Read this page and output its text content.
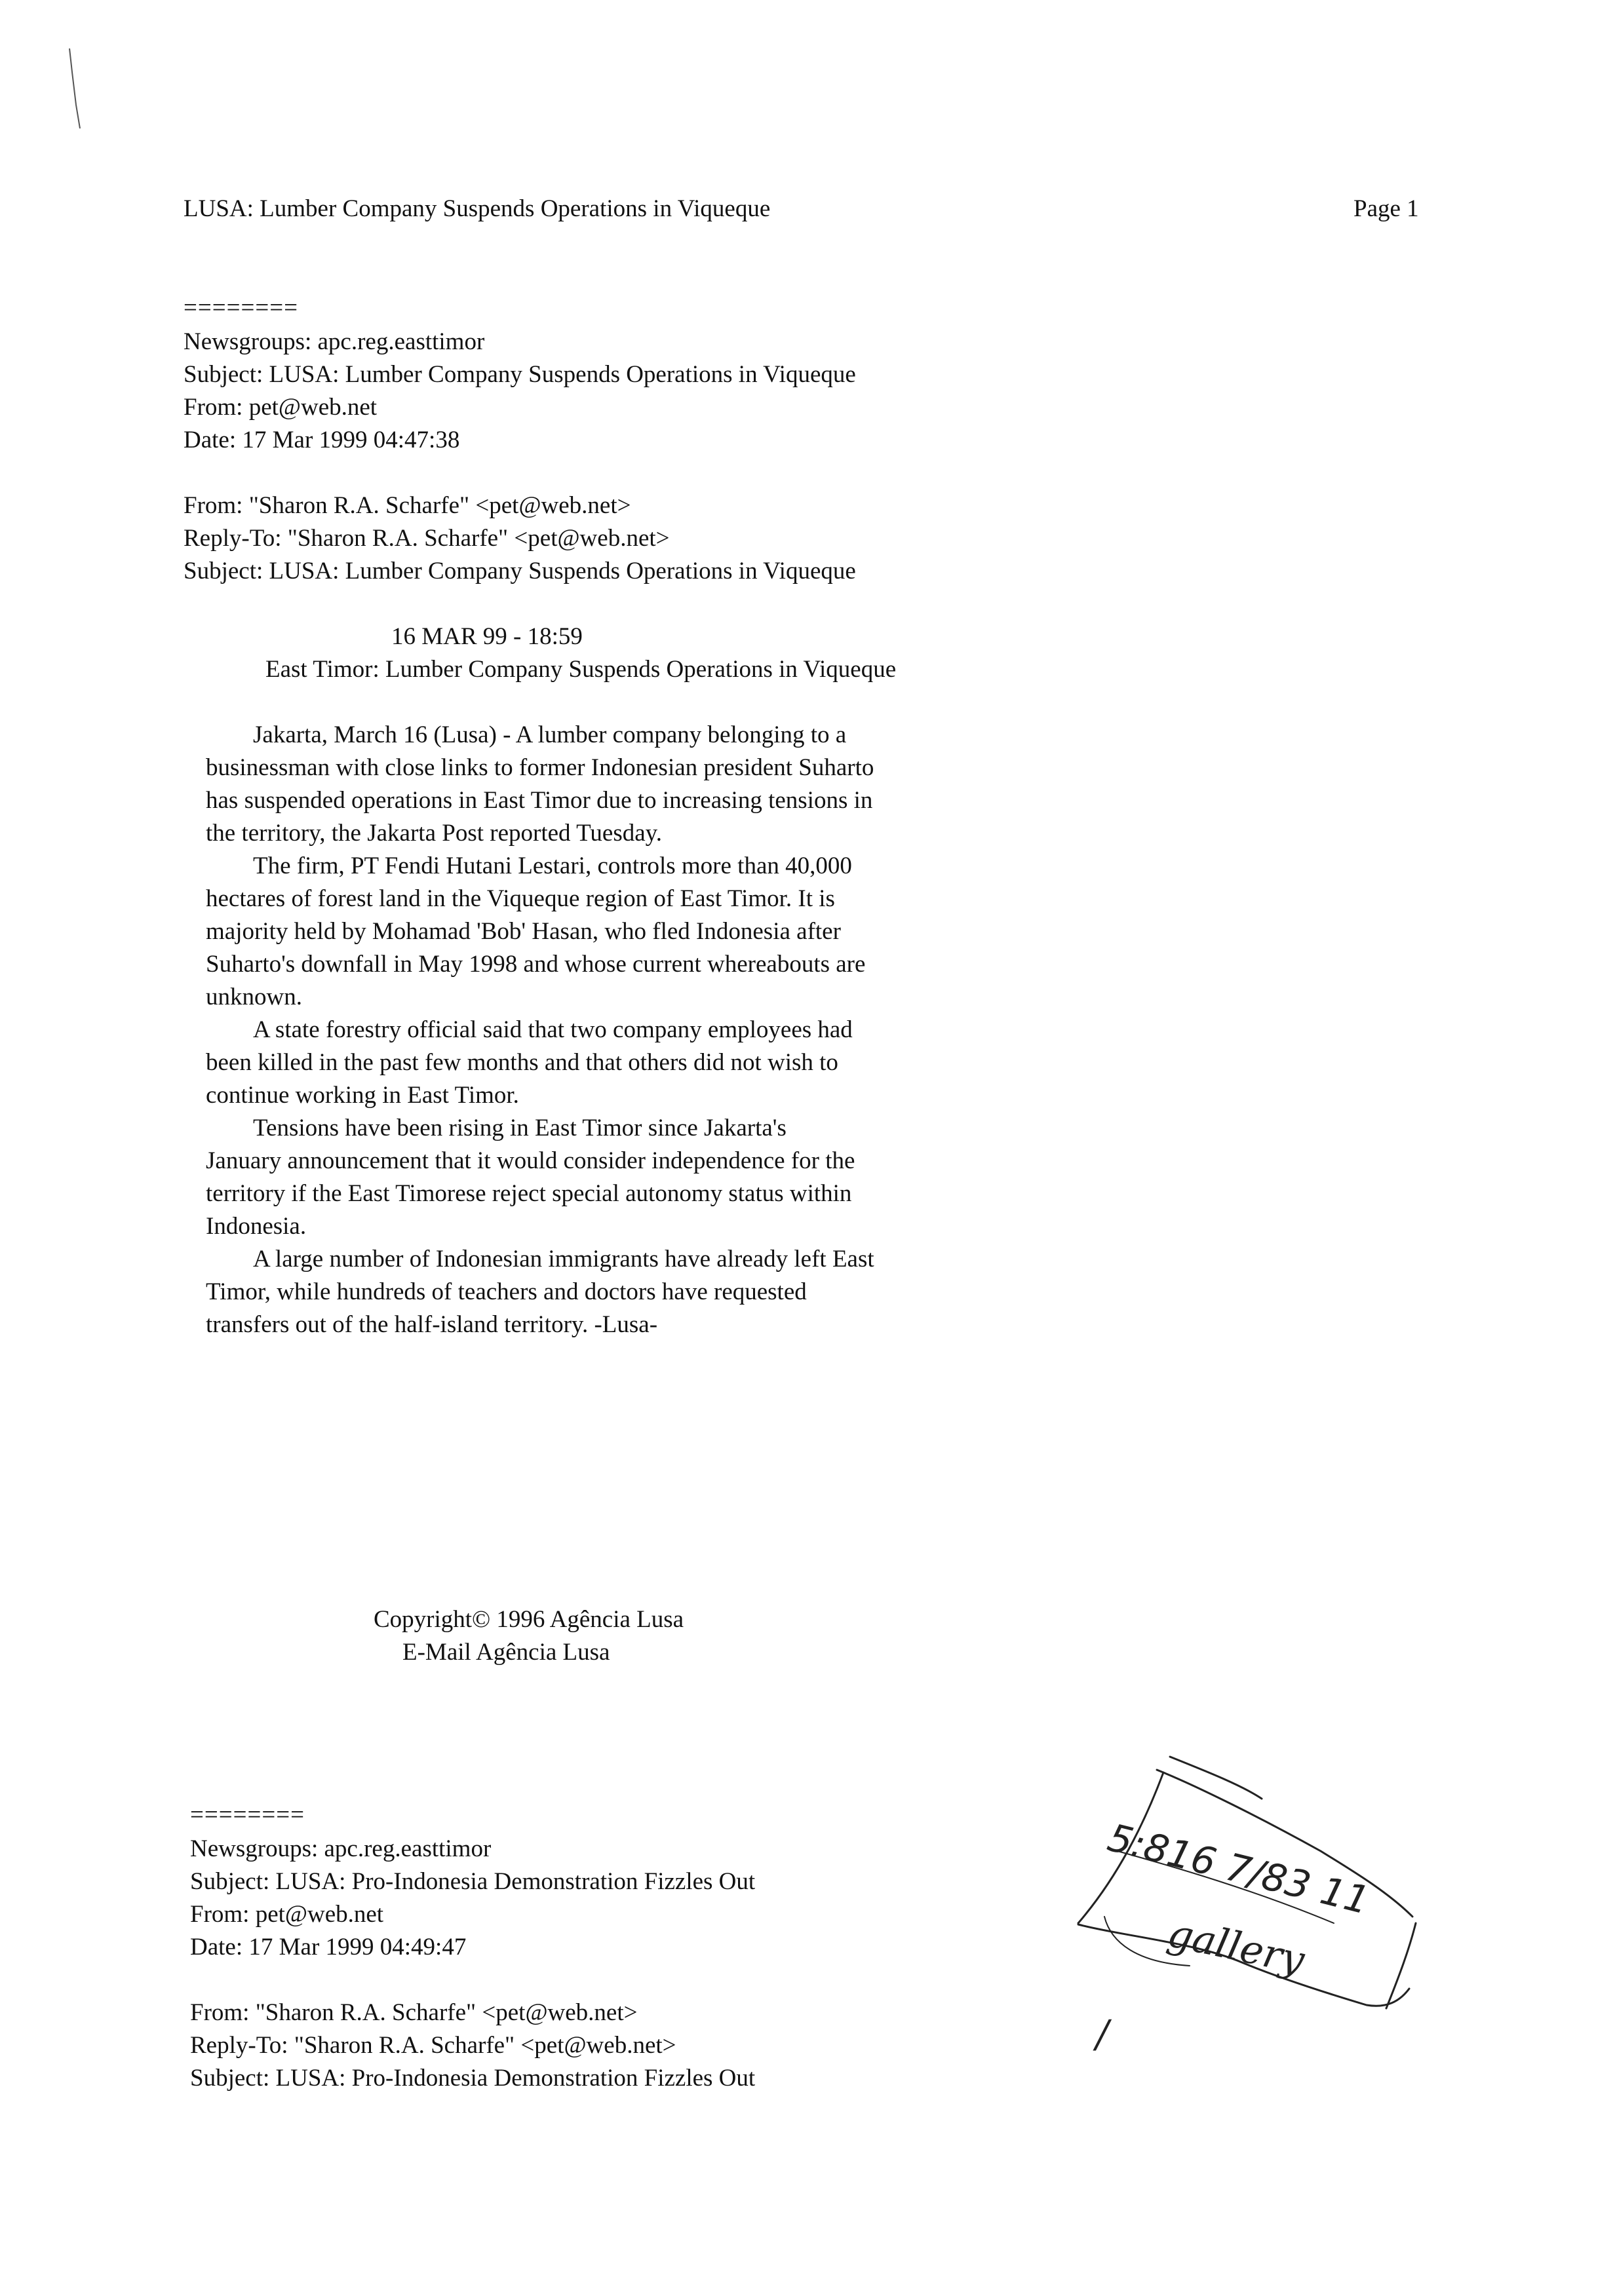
LUSA: Lumber Company Suspends Operations in Viqueque	Page 1
========
Newsgroups: apc.reg.easttimor
Subject: LUSA: Lumber Company Suspends Operations in Viqueque
From: pet@web.net
Date: 17 Mar 1999 04:47:38
From: "Sharon R.A. Scharfe" <pet@web.net>
Reply-To: "Sharon R.A. Scharfe" <pet@web.net>
Subject: LUSA: Lumber Company Suspends Operations in Viqueque
16 MAR 99 - 18:59
East Timor: Lumber Company Suspends Operations in Viqueque
Jakarta, March 16 (Lusa) - A lumber company belonging to a
businessman with close links to former Indonesian president Suharto
has suspended operations in East Timor due to increasing tensions in
the territory, the Jakarta Post reported Tuesday.
The firm, PT Fendi Hutani Lestari, controls more than 40,000
hectares of forest land in the Viqueque region of East Timor. It is
majority held by Mohamad 'Bob' Hasan, who fled Indonesia after
Suharto's downfall in May 1998 and whose current whereabouts are
unknown.
A state forestry official said that two company employees had
been killed in the past few months and that others did not wish to
continue working in East Timor.
Tensions have been rising in East Timor since Jakarta's
January announcement that it would consider independence for the
territory if the East Timorese reject special autonomy status within
Indonesia.
A large number of Indonesian immigrants have already left East
Timor, while hundreds of teachers and doctors have requested
transfers out of the half-island territory. -Lusa-
Copyright© 1996 Agência Lusa
E-Mail Agência Lusa
========
Newsgroups: apc.reg.easttimor
Subject: LUSA: Pro-Indonesia Demonstration Fizzles Out
From: pet@web.net
Date: 17 Mar 1999 04:49:47
From: "Sharon R.A. Scharfe" <pet@web.net>
Reply-To: "Sharon R.A. Scharfe" <pet@web.net>
Subject: LUSA: Pro-Indonesia Demonstration Fizzles Out
5:816 7/83 11
gallery
/
